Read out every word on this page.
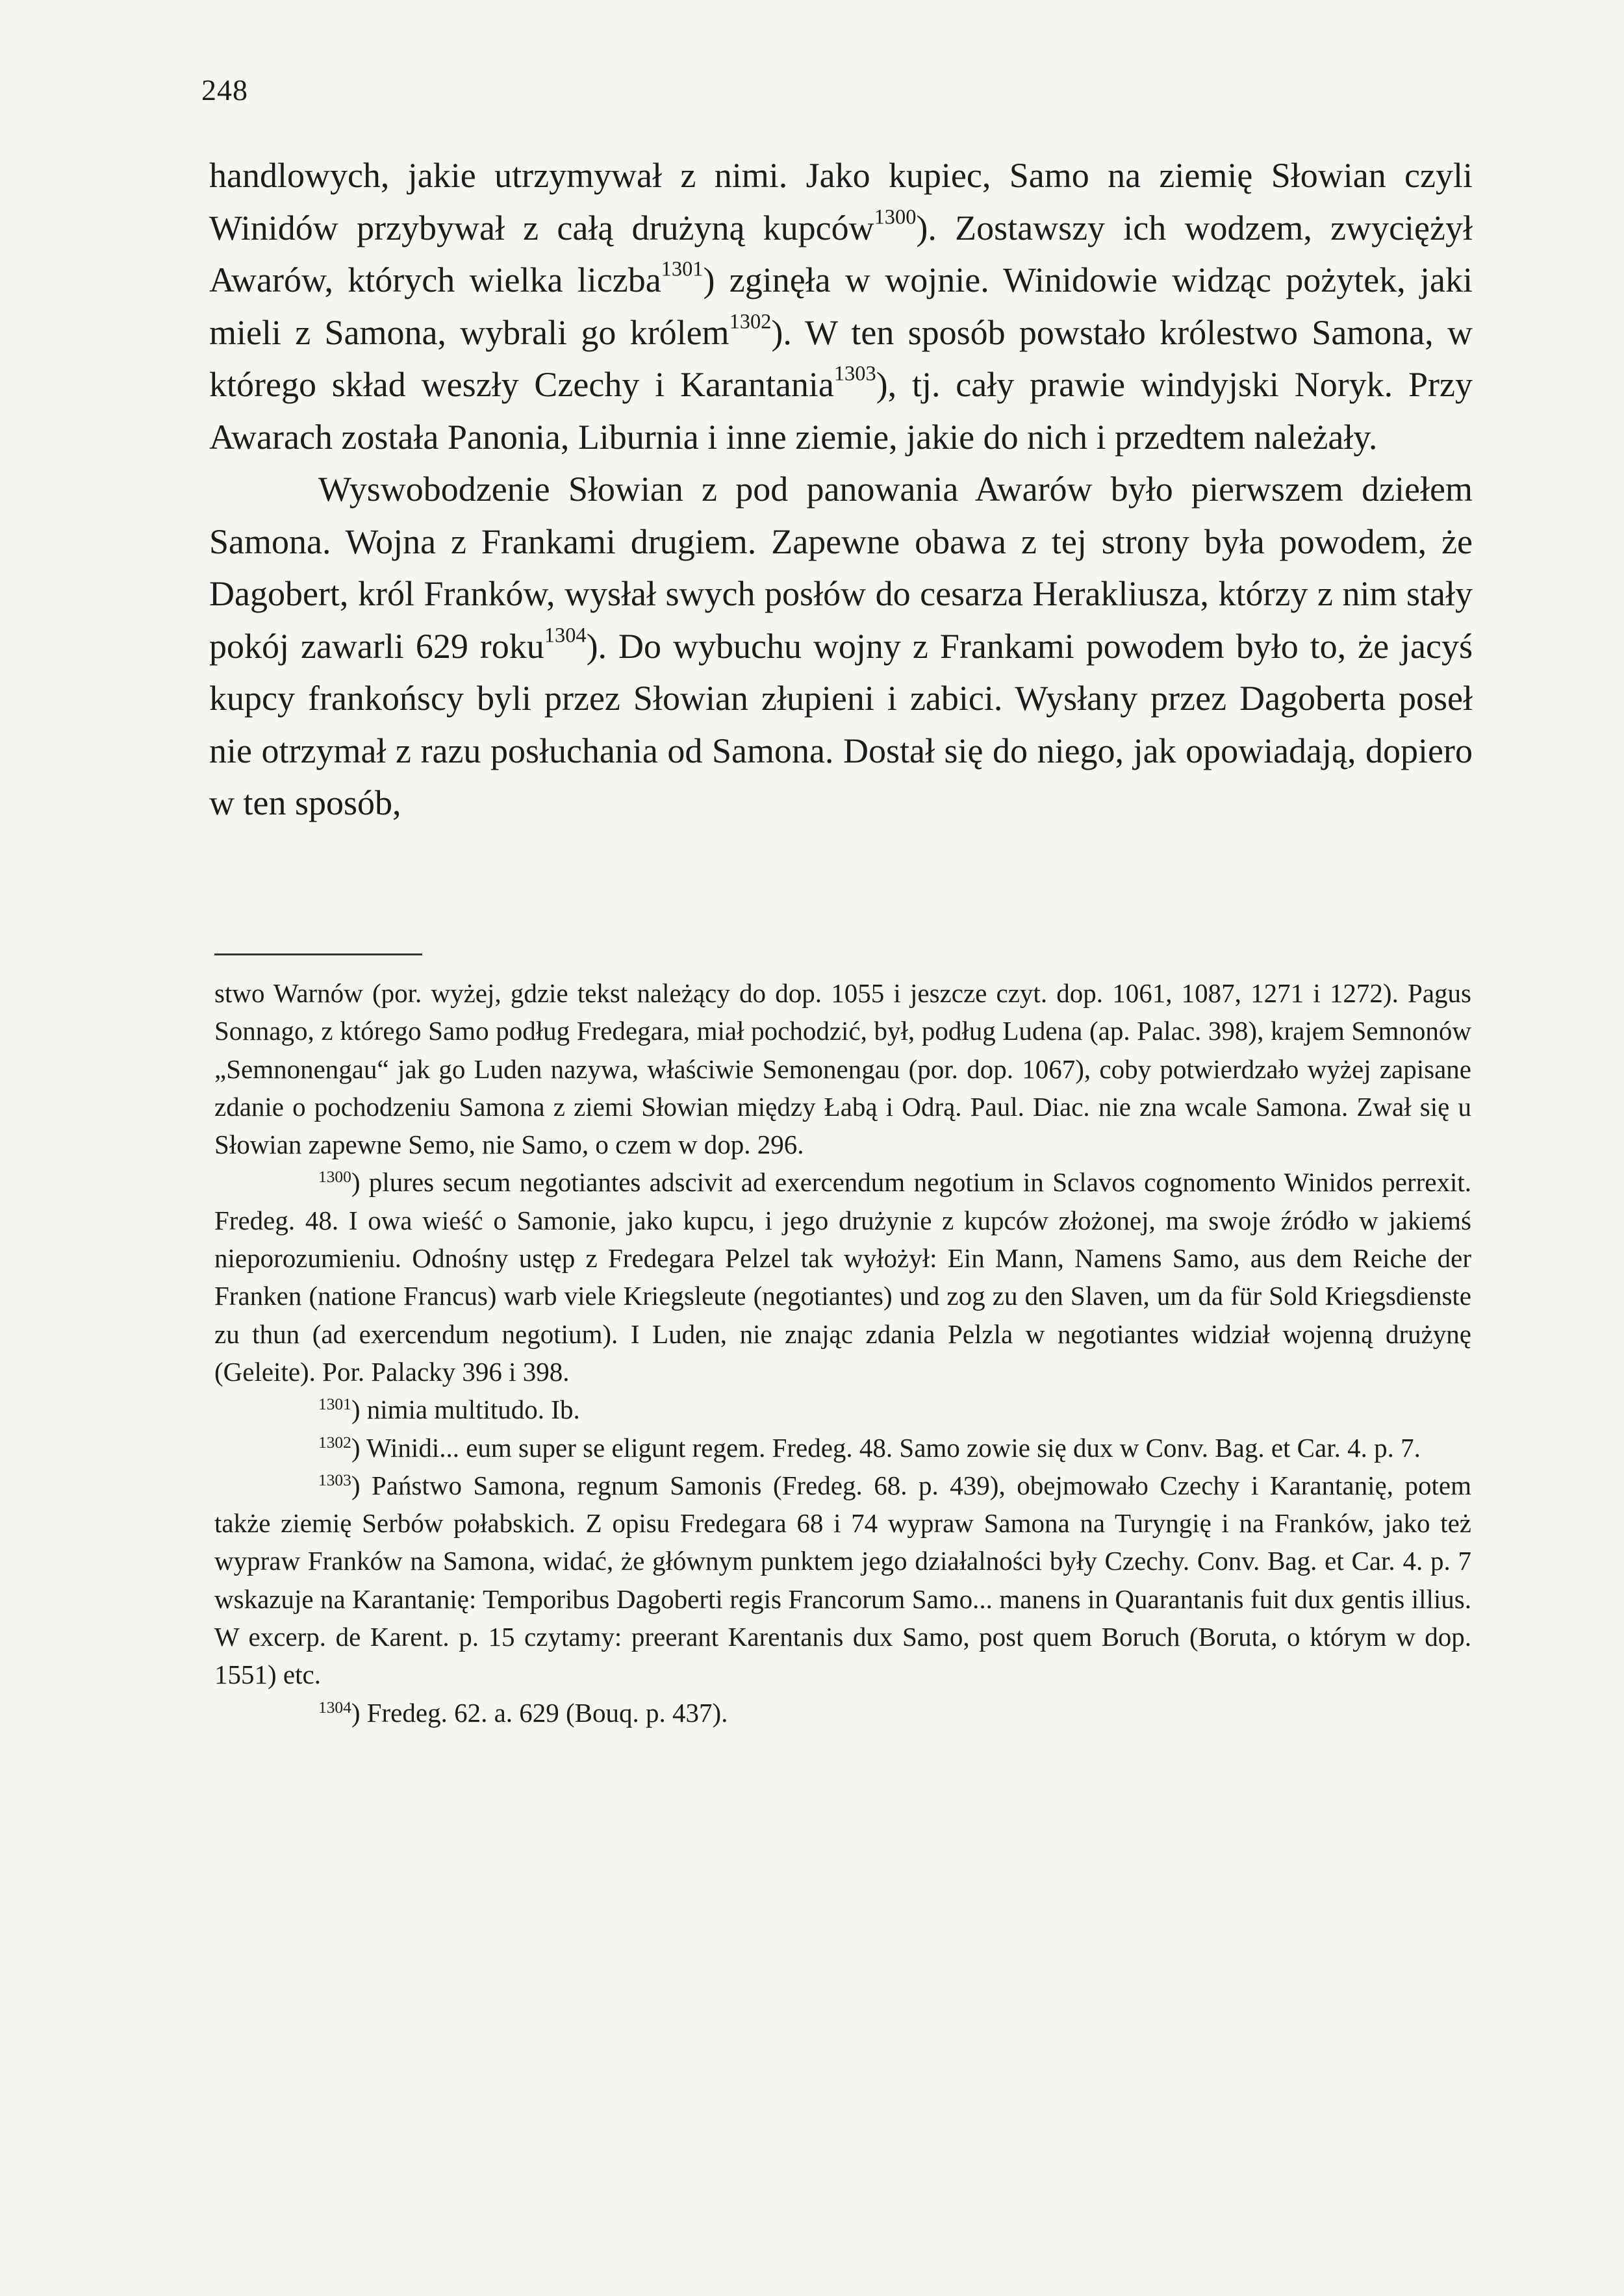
248

handlowych, jakie utrzymywał z nimi. Jako kupiec, Samo na ziemię Słowian czyli Winidów przybywał z całą drużyną kupców$^{1300}$). Zostawszy ich wodzem, zwyciężył Awarów, których wielka liczba$^{1301}$) zginęła w wojnie. Winidowie widząc pożytek, jaki mieli z Samona, wybrali go królem$^{1302}$). W ten sposób powstało królestwo Samona, w którego skład weszły Czechy i Karantania$^{1303}$), tj. cały prawie windyjski Noryk. Przy Awarach została Panonia, Liburnia i inne ziemie, jakie do nich i przedtem należały.

Wyswobodzenie Słowian z pod panowania Awarów było pierwszem dziełem Samona. Wojna z Frankami drugiem. Zapewne obawa z tej strony była powodem, że Dagobert, król Franków, wysłał swych posłów do cesarza Herakliusza, którzy z nim stały pokój zawarli 629 roku$^{1304}$). Do wybuchu wojny z Frankami powodem było to, że jacyś kupcy frankońscy byli przez Słowian złupieni i zabici. Wysłany przez Dagoberta poseł nie otrzymał z razu posłuchania od Samona. Dostał się do niego, jak opowiadają, dopiero w ten sposób,

stwo Warnów (por. wyżej, gdzie tekst należący do dop. 1055 i jeszcze czyt. dop. 1061, 1087, 1271 i 1272). Pagus Sonnago, z którego Samo podług Fredegara, miał pochodzić, był, podług Ludena (ap. Palac. 398), krajem Semnonów „Semnonengau“ jak go Luden nazywa, właściwie Semonengau (por. dop. 1067), coby potwierdzało wyżej zapisane zdanie o pochodzeniu Samona z ziemi Słowian między Łabą i Odrą. Paul. Diac. nie zna wcale Samona. Zwał się u Słowian zapewne Semo, nie Samo, o czem w dop. 296.

$^{1300}$) plures secum negotiantes adscivit ad exercendum negotium in Sclavos cognomento Winidos perrexit. Fredeg. 48. I owa wieść o Samonie, jako kupcu, i jego drużynie z kupców złożonej, ma swoje źródło w jakiemś nieporozumieniu. Odnośny ustęp z Fredegara Pelzel tak wyłożył: Ein Mann, Namens Samo, aus dem Reiche der Franken (natione Francus) warb viele Kriegsleute (negotiantes) und zog zu den Slaven, um da für Sold Kriegsdienste zu thun (ad exercendum negotium). I Luden, nie znając zdania Pelzla w negotiantes widział wojenną drużynę (Geleite). Por. Palacky 396 i 398.

$^{1301}$) nimia multitudo. Ib.

$^{1302}$) Winidi... eum super se eligunt regem. Fredeg. 48. Samo zowie się dux w Conv. Bag. et Car. 4. p. 7.

$^{1303}$) Państwo Samona, regnum Samonis (Fredeg. 68. p. 439), obejmowało Czechy i Karantanię, potem także ziemię Serbów połabskich. Z opisu Fredegara 68 i 74 wypraw Samona na Turyngię i na Franków, jako też wypraw Franków na Samona, widać, że głównym punktem jego działalności były Czechy. Conv. Bag. et Car. 4. p. 7 wskazuje na Karantanię: Temporibus Dagoberti regis Francorum Samo... manens in Quarantanis fuit dux gentis illius. W excerp. de Karent. p. 15 czytamy: preerant Karentanis dux Samo, post quem Boruch (Boruta, o którym w dop. 1551) etc.

$^{1304}$) Fredeg. 62. a. 629 (Bouq. p. 437).
